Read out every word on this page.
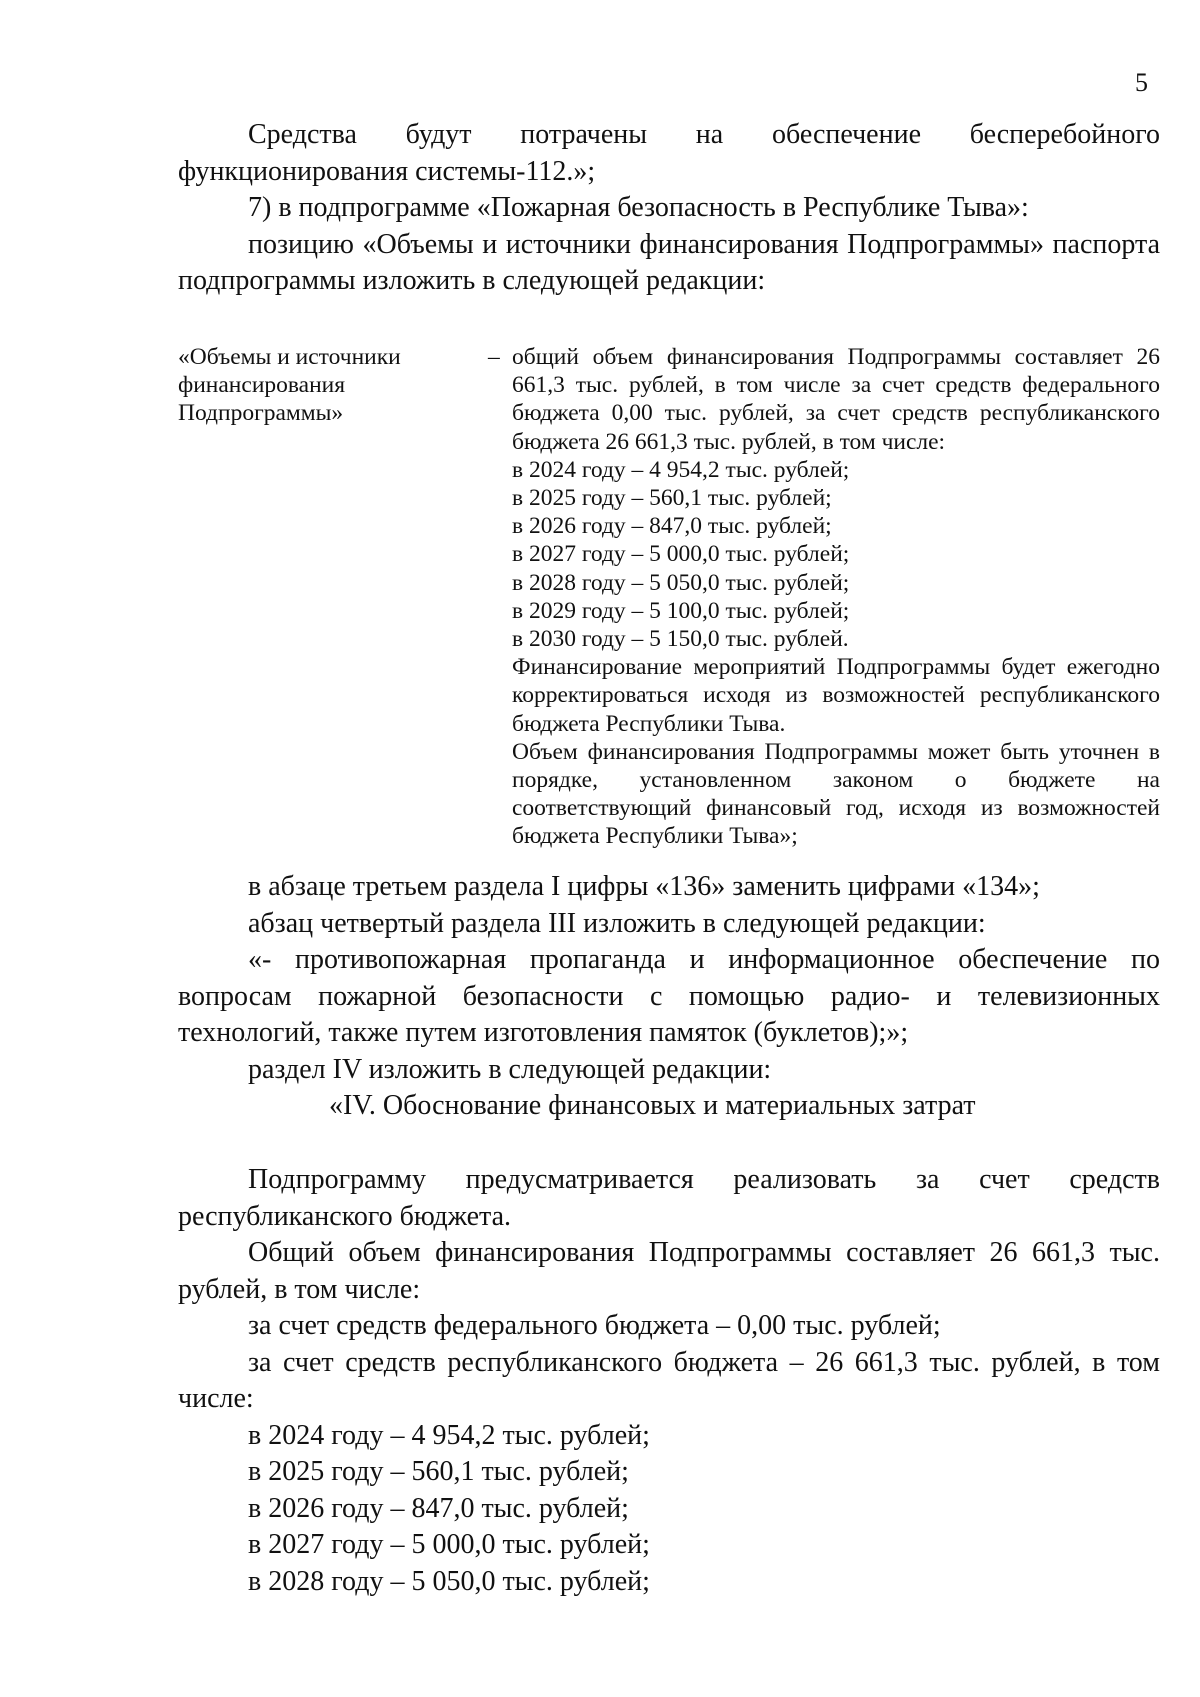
5

Средства будут потрачены на обеспечение бесперебойного функционирования системы-112.»;

7) в подпрограмме «Пожарная безопасность в Республике Тыва»:

позицию «Объемы и источники финансирования Подпрограммы» паспорта подпрограммы изложить в следующей редакции:

«Объемы и источники финансирования Подпрограммы»
– общий объем финансирования Подпрограммы составляет 26 661,3 тыс. рублей, в том числе за счет средств федерального бюджета 0,00 тыс. рублей, за счет средств республиканского бюджета 26 661,3 тыс. рублей, в том числе:

в 2024 году – 4 954,2 тыс. рублей;
в 2025 году – 560,1 тыс. рублей;
в 2026 году – 847,0 тыс. рублей;
в 2027 году – 5 000,0 тыс. рублей;
в 2028 году – 5 050,0 тыс. рублей;
в 2029 году – 5 100,0 тыс. рублей;
в 2030 году – 5 150,0 тыс. рублей.

Финансирование мероприятий Подпрограммы будет ежегодно корректироваться исходя из возможностей республиканского бюджета Республики Тыва.

Объем финансирования Подпрограммы может быть уточнен в порядке, установленном законом о бюджете на соответствующий финансовый год, исходя из возможностей бюджета Республики Тыва»;

в абзаце третьем раздела I цифры «136» заменить цифрами «134»;

абзац четвертый раздела III изложить в следующей редакции:

«- противопожарная пропаганда и информационное обеспечение по вопросам пожарной безопасности с помощью радио- и телевизионных технологий, также путем изготовления памяток (буклетов);»;

раздел IV изложить в следующей редакции:

«IV. Обоснование финансовых и материальных затрат

Подпрограмму предусматривается реализовать за счет средств республиканского бюджета.

Общий объем финансирования Подпрограммы составляет 26 661,3 тыс. рублей, в том числе:

за счет средств федерального бюджета – 0,00 тыс. рублей;

за счет средств республиканского бюджета – 26 661,3 тыс. рублей, в том числе:

в 2024 году – 4 954,2 тыс. рублей;

в 2025 году – 560,1 тыс. рублей;

в 2026 году – 847,0 тыс. рублей;

в 2027 году – 5 000,0 тыс. рублей;

в 2028 году – 5 050,0 тыс. рублей;
